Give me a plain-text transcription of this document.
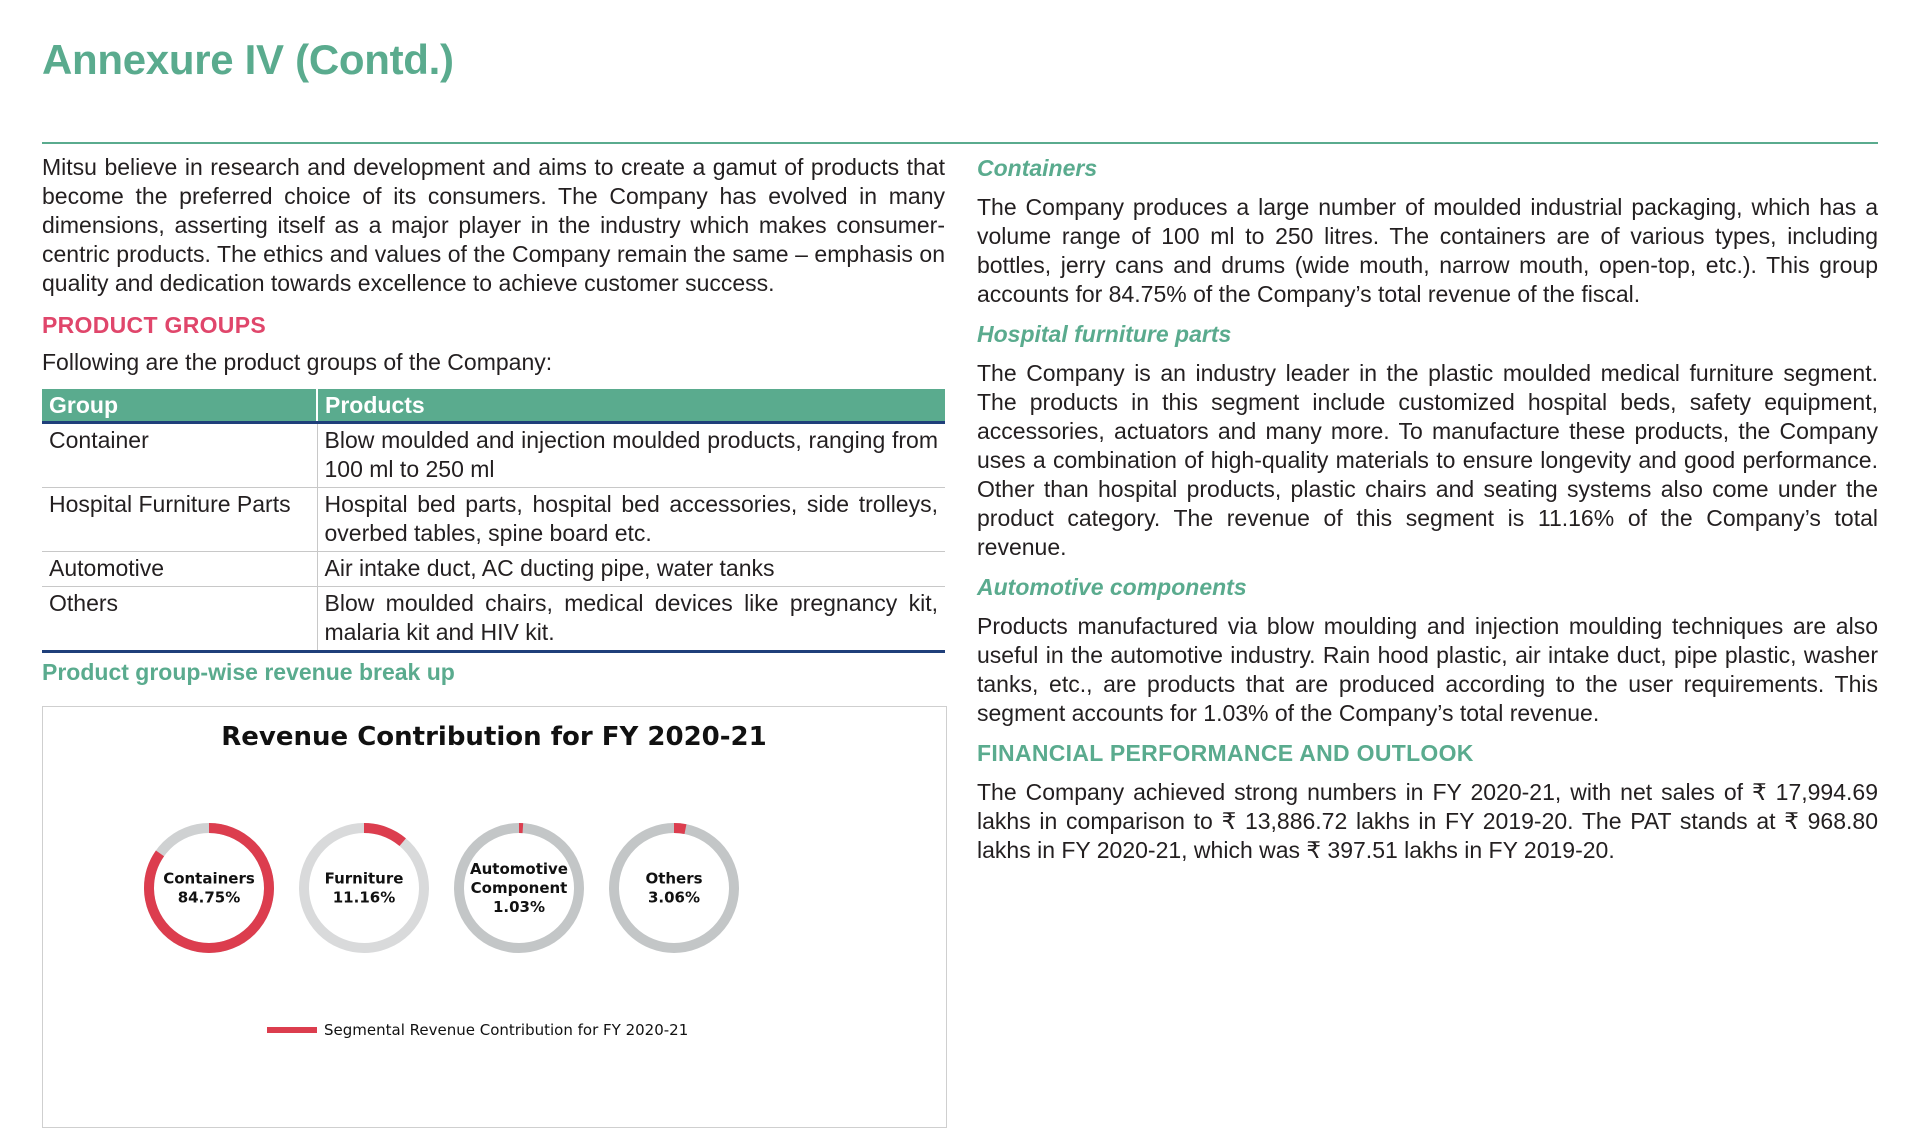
Annexure IV (Contd.)

Mitsu believe in research and development and aims to create a gamut of products that become the preferred choice of its consumers. The Company has evolved in many dimensions, asserting itself as a major player in the industry which makes consumer-centric products. The ethics and values of the Company remain the same – emphasis on quality and dedication towards excellence to achieve customer success.

PRODUCT GROUPS
Following are the product groups of the Company:
Group	Products
Container	Blow moulded and injection moulded products, ranging from 100 ml to 250 ml
Hospital Furniture Parts	Hospital bed parts, hospital bed accessories, side trolleys, overbed tables, spine board etc.
Automotive	Air intake duct, AC ducting pipe, water tanks
Others	Blow moulded chairs, medical devices like pregnancy kit, malaria kit and HIV kit.
Product group-wise revenue break up
Revenue Contribution for FY 2020-21
Containers 84.75%
Furniture 11.16%
Automotive Component 1.03%
Others 3.06%
Segmental Revenue Contribution for FY 2020-21
Containers

The Company produces a large number of moulded industrial packaging, which has a volume range of 100 ml to 250 litres. The containers are of various types, including bottles, jerry cans and drums (wide mouth, narrow mouth, open-top, etc.). This group accounts for 84.75% of the Company’s total revenue of the fiscal.

Hospital furniture parts

The Company is an industry leader in the plastic moulded medical furniture segment. The products in this segment include customized hospital beds, safety equipment, accessories, actuators and many more. To manufacture these products, the Company uses a combination of high-quality materials to ensure longevity and good performance. Other than hospital products, plastic chairs and seating systems also come under the product category. The revenue of this segment is 11.16% of the Company’s total revenue.

Automotive components

Products manufactured via blow moulding and injection moulding techniques are also useful in the automotive industry. Rain hood plastic, air intake duct, pipe plastic, washer tanks, etc., are products that are produced according to the user requirements. This segment accounts for 1.03% of the Company’s total revenue.

FINANCIAL PERFORMANCE AND OUTLOOK

The Company achieved strong numbers in FY 2020-21, with net sales of ₹ 17,994.69 lakhs in comparison to ₹ 13,886.72 lakhs in FY 2019-20. The PAT stands at ₹ 968.80 lakhs in FY 2020-21, which was ₹ 397.51 lakhs in FY 2019-20.
